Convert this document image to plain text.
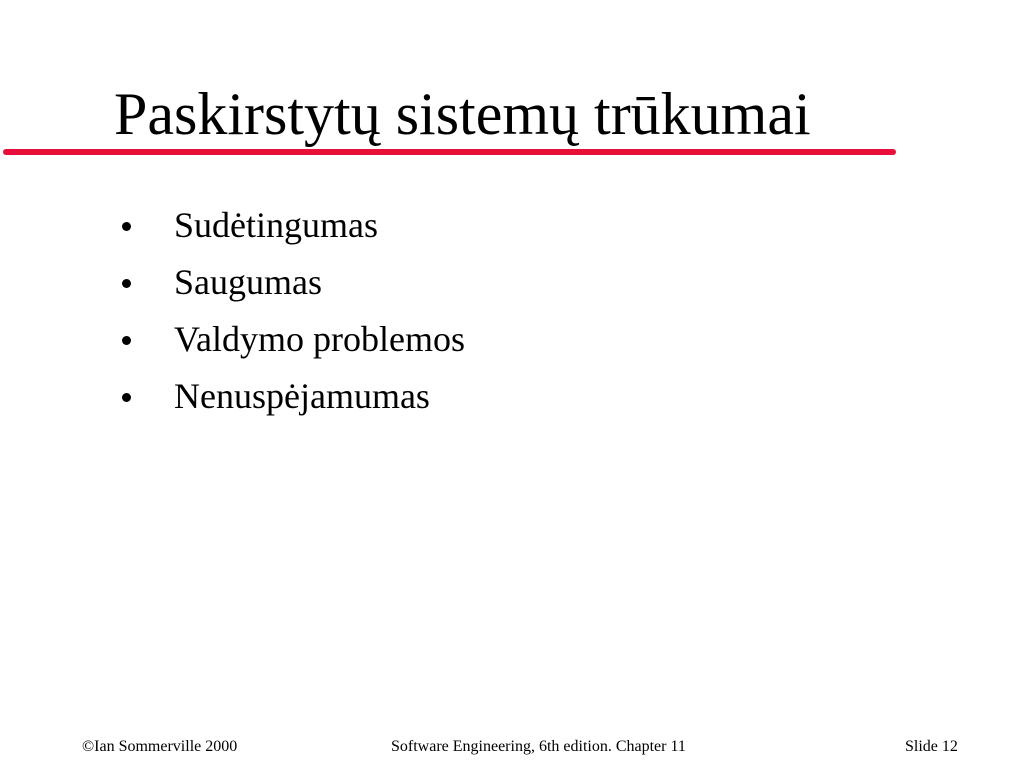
Paskirstytų sistemų trūkumai
Sudėtingumas
Saugumas
Valdymo problemos
Nenuspėjamumas
©Ian Sommerville 2000	Software Engineering, 6th edition. Chapter 11	Slide 12
